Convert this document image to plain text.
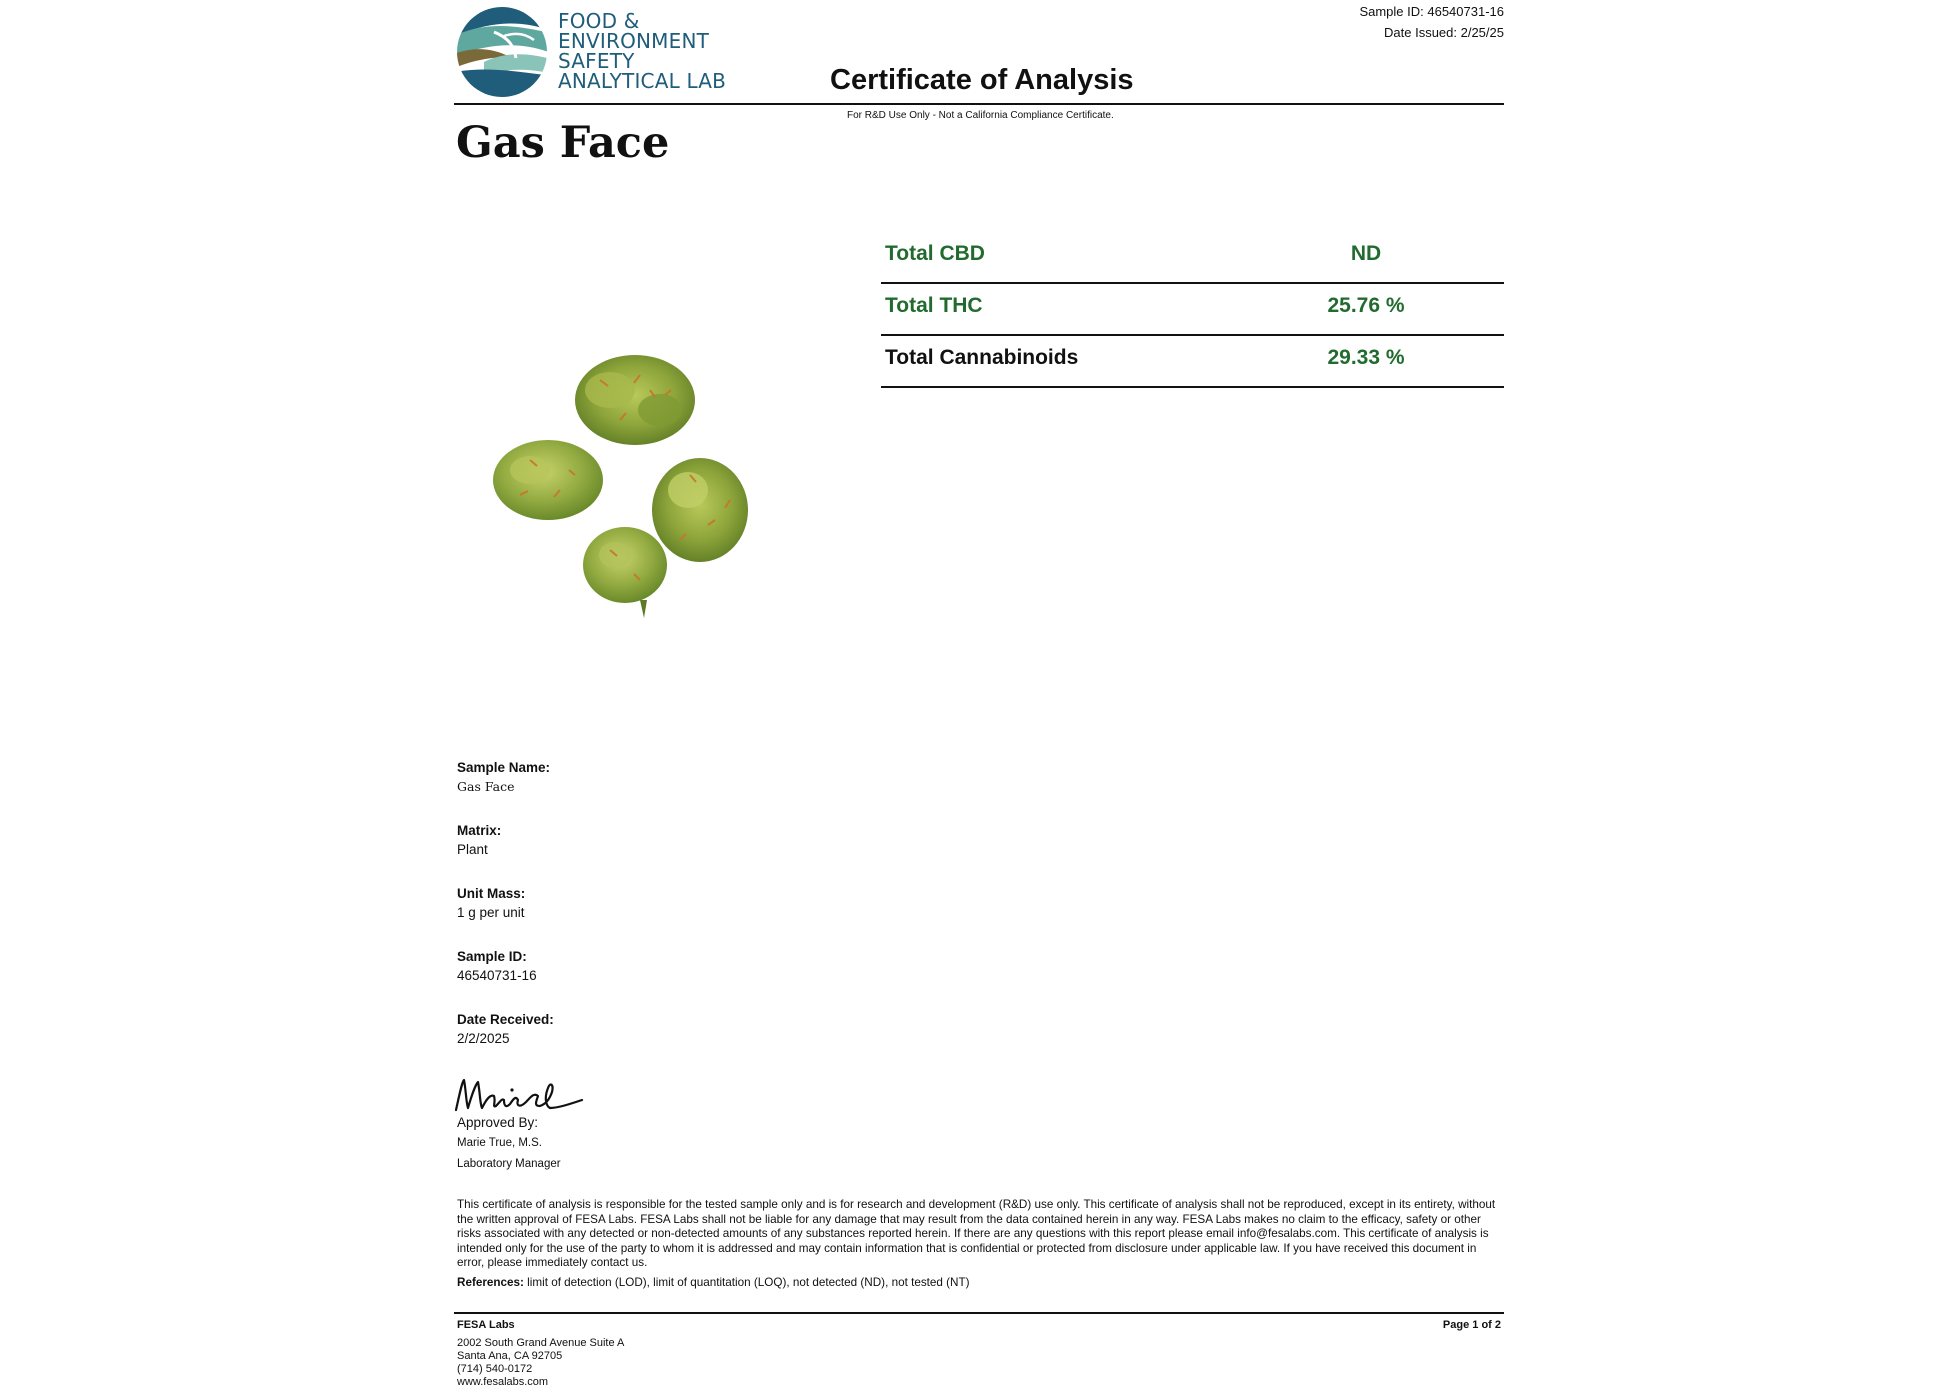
FOOD &
ENVIRONMENT
SAFETY
ANALYTICAL LAB
Sample ID: 46540731-16
Date Issued: 2/25/25
Certificate of Analysis
For R&D Use Only - Not a California Compliance Certificate.
Gas Face
Total CBD	ND
Total THC	25.76 %
Total Cannabinoids	29.33 %
Sample Name:
Gas Face
Matrix:
Plant
Unit Mass:
1 g per unit
Sample ID:
46540731-16
Date Received:
2/2/2025
Approved By:
Marie True, M.S.
Laboratory Manager
This certificate of analysis is responsible for the tested sample only and is for research and development (R&D) use only. This certificate of analysis shall not be reproduced, except in its entirety, without the written approval of FESA Labs. FESA Labs shall not be liable for any damage that may result from the data contained herein in any way. FESA Labs makes no claim to the efficacy, safety or other risks associated with any detected or non-detected amounts of any substances reported herein. If there are any questions with this report please email info@fesalabs.com. This certificate of analysis is intended only for the use of the party to whom it is addressed and may contain information that is confidential or protected from disclosure under applicable law. If you have received this document in error, please immediately contact us.
References: limit of detection (LOD), limit of quantitation (LOQ), not detected (ND), not tested (NT)
FESA Labs	Page 1 of 2
2002 South Grand Avenue Suite A
Santa Ana, CA 92705
(714) 540-0172
www.fesalabs.com
